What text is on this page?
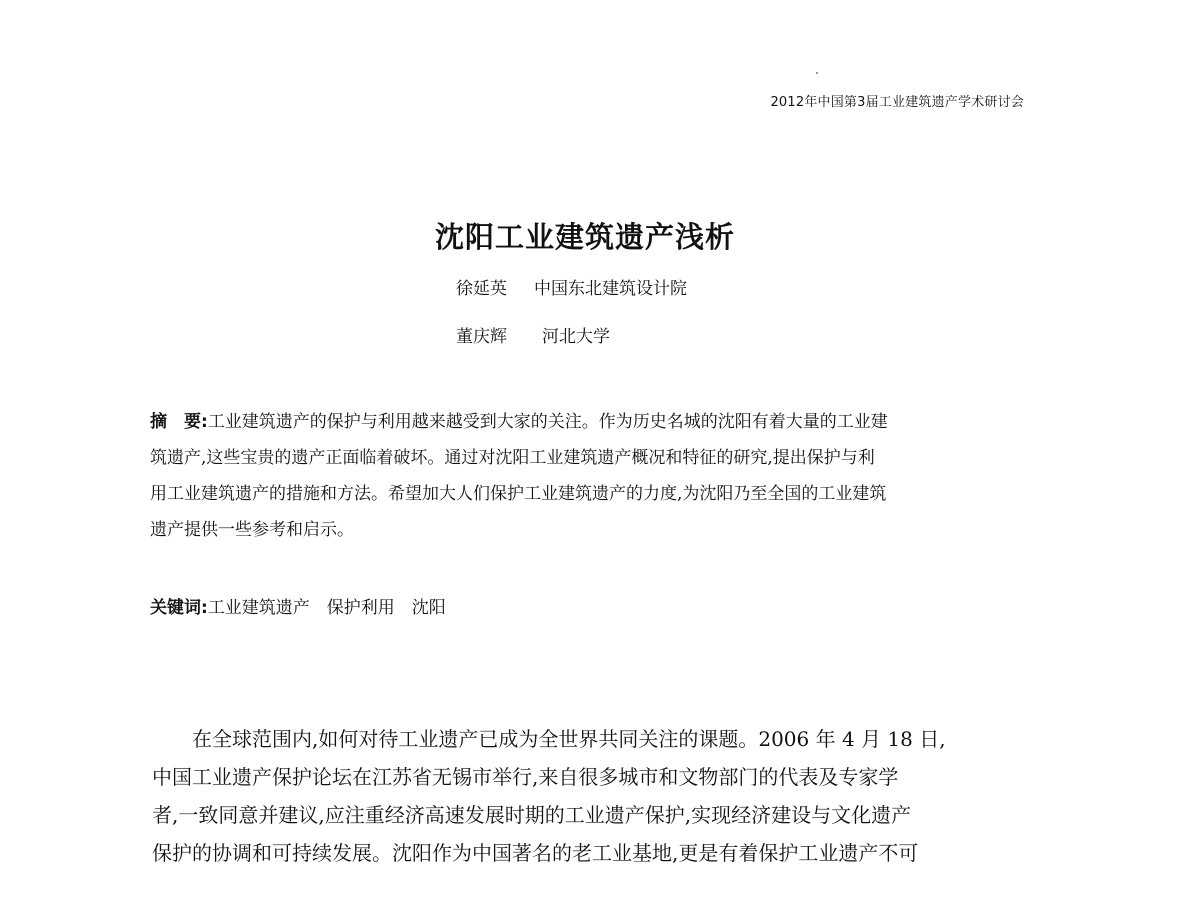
2012年中国第3届工业建筑遗产学术研讨会
沈阳工业建筑遗产浅析
徐延英 中国东北建筑设计院
董庆辉 河北大学

摘　要:工业建筑遗产的保护与利用越来越受到大家的关注。作为历史名城的沈阳有着大量的工业建
筑遗产,这些宝贵的遗产正面临着破坏。通过对沈阳工业建筑遗产概况和特征的研究,提出保护与利
用工业建筑遗产的措施和方法。希望加大人们保护工业建筑遗产的力度,为沈阳乃至全国的工业建筑
遗产提供一些参考和启示。

关键词:工业建筑遗产　保护利用　沈阳
在全球范围内,如何对待工业遗产已成为全世界共同关注的课题。2006 年 4 月 18 日,
中国工业遗产保护论坛在江苏省无锡市举行,来自很多城市和文物部门的代表及专家学
者,一致同意并建议,应注重经济高速发展时期的工业遗产保护,实现经济建设与文化遗产
保护的协调和可持续发展。沈阳作为中国著名的老工业基地,更是有着保护工业遗产不可
